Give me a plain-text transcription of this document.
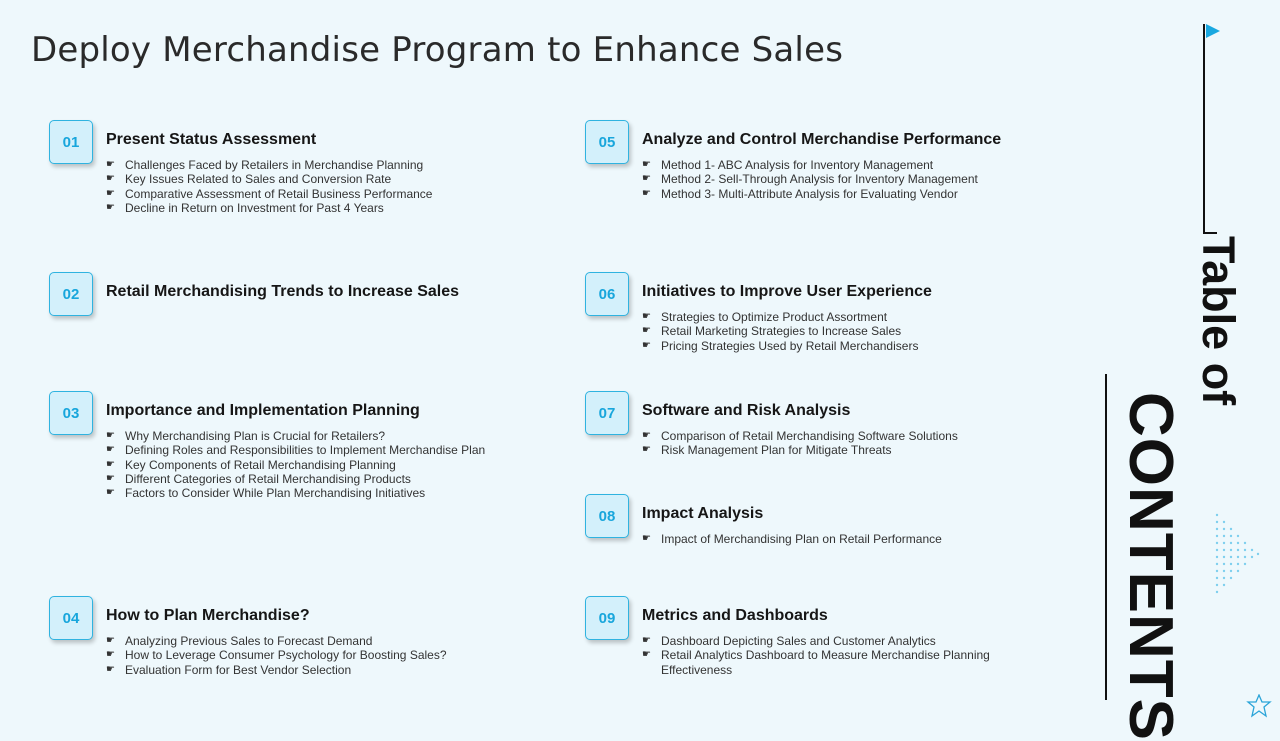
Deploy Merchandise Program to Enhance Sales
01	Present Status Assessment
☛ Challenges Faced by Retailers in Merchandise Planning
☛ Key Issues Related to Sales and Conversion Rate
☛ Comparative Assessment of Retail Business Performance
☛ Decline in Return on Investment for Past 4 Years
02	Retail Merchandising Trends to Increase Sales
03	Importance and Implementation Planning
☛ Why Merchandising Plan is Crucial for Retailers?
☛ Defining Roles and Responsibilities to Implement Merchandise Plan
☛ Key Components of Retail Merchandising Planning
☛ Different Categories of Retail Merchandising Products
☛ Factors to Consider While Plan Merchandising Initiatives
04	How to Plan Merchandise?
☛ Analyzing Previous Sales to Forecast Demand
☛ How to Leverage Consumer Psychology for Boosting Sales?
☛ Evaluation Form for Best Vendor Selection
05	Analyze and Control Merchandise Performance
☛ Method 1- ABC Analysis for Inventory Management
☛ Method 2- Sell-Through Analysis for Inventory Management
☛ Method 3- Multi-Attribute Analysis for Evaluating Vendor
06	Initiatives to Improve User Experience
☛ Strategies to Optimize Product Assortment
☛ Retail Marketing Strategies to Increase Sales
☛ Pricing Strategies Used by Retail Merchandisers
07	Software and Risk Analysis
☛ Comparison of Retail Merchandising Software Solutions
☛ Risk Management Plan for Mitigate Threats
08	Impact Analysis
☛ Impact of Merchandising Plan on Retail Performance
09	Metrics and Dashboards
☛ Dashboard Depicting Sales and Customer Analytics
☛ Retail Analytics Dashboard to Measure Merchandise Planning Effectiveness
Table of
CONTENTS
